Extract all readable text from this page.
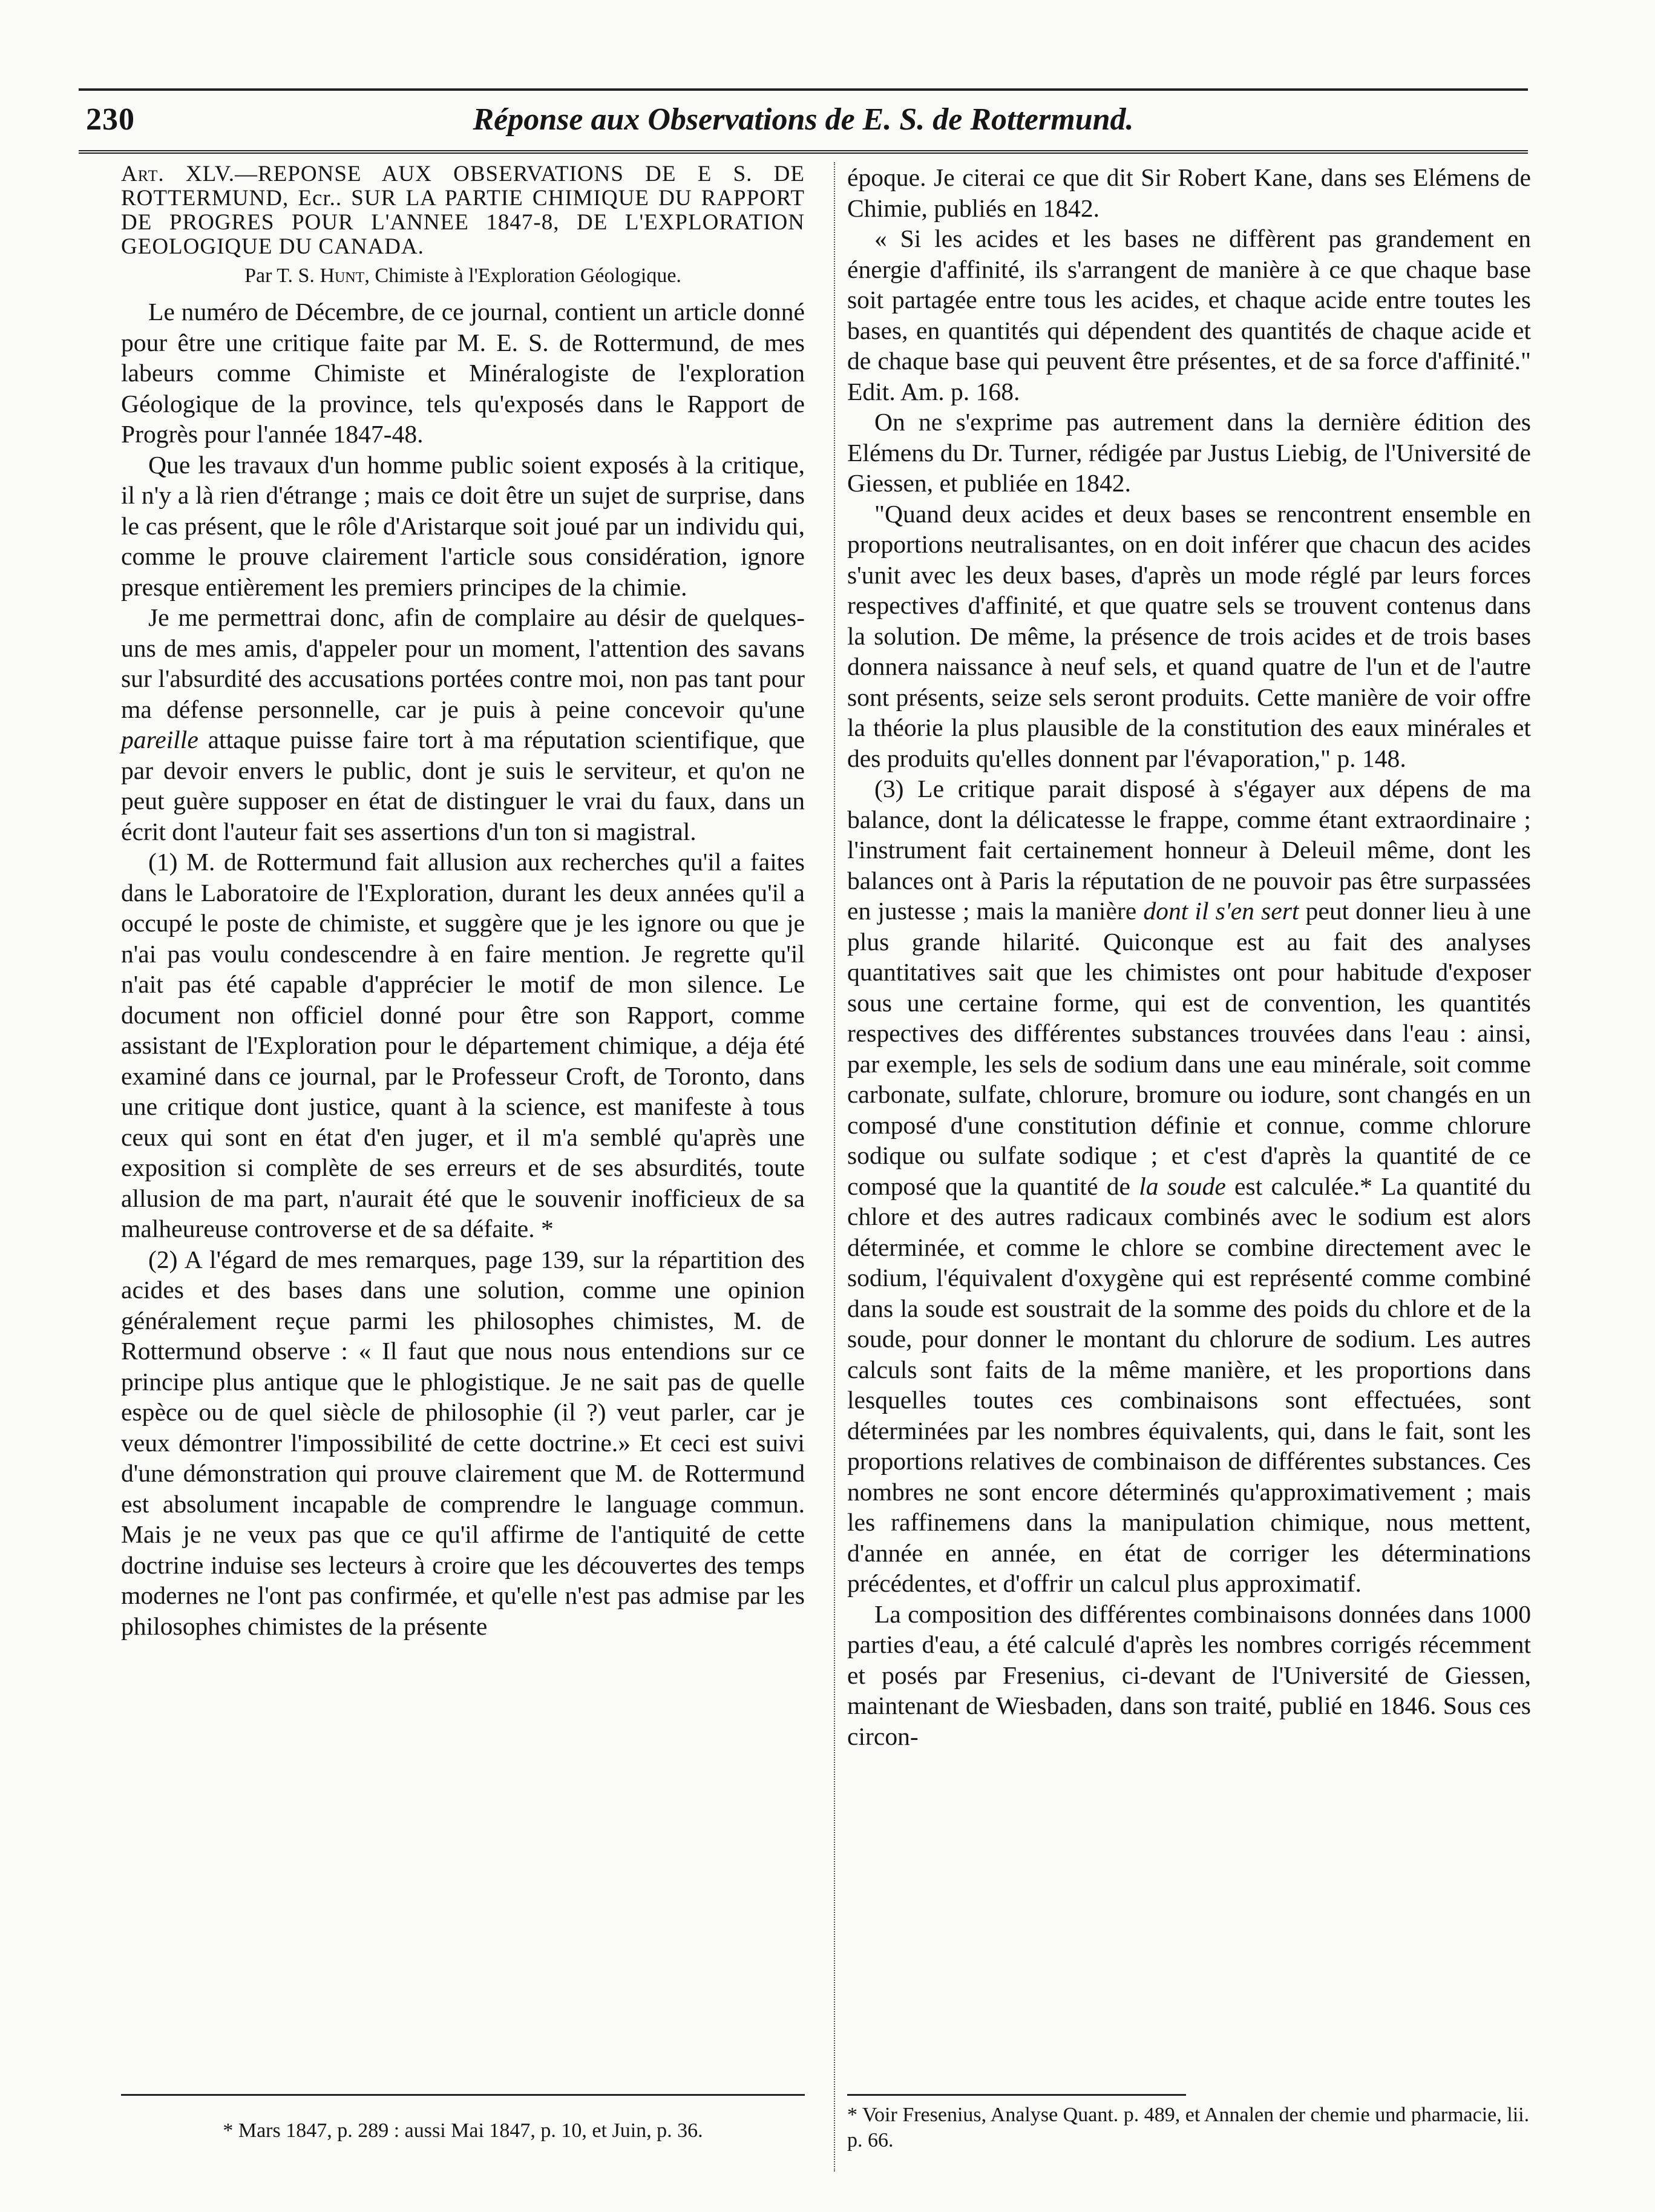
230	Réponse aux Observations de E. S. de Rottermund.

Art. XLV.—REPONSE AUX OBSERVATIONS DE E S. DE ROTTERMUND, Ecr.. SUR LA PARTIE CHIMIQUE DU RAPPORT DE PROGRES POUR L'ANNEE 1847-8, DE L'EXPLORATION GEOLOGIQUE DU CANADA.

Par T. S. Hunt, Chimiste à l'Exploration Géologique.

Le numéro de Décembre, de ce journal, contient un article donné pour être une critique faite par M. E. S. de Rottermund, de mes labeurs comme Chimiste et Minéralogiste de l'exploration Géologique de la province, tels qu'exposés dans le Rapport de Progrès pour l'année 1847-48.

Que les travaux d'un homme public soient exposés à la critique, il n'y a là rien d'étrange ; mais ce doit être un sujet de surprise, dans le cas présent, que le rôle d'Aristarque soit joué par un individu qui, comme le prouve clairement l'article sous considération, ignore presque entièrement les premiers principes de la chimie.

Je me permettrai donc, afin de complaire au désir de quelques-uns de mes amis, d'appeler pour un moment, l'attention des savans sur l'absurdité des accusations portées contre moi, non pas tant pour ma défense personnelle, car je puis à peine concevoir qu'une pareille attaque puisse faire tort à ma réputation scientifique, que par devoir envers le public, dont je suis le serviteur, et qu'on ne peut guère supposer en état de distinguer le vrai du faux, dans un écrit dont l'auteur fait ses assertions d'un ton si magistral.

(1) M. de Rottermund fait allusion aux recherches qu'il a faites dans le Laboratoire de l'Exploration, durant les deux années qu'il a occupé le poste de chimiste, et suggère que je les ignore ou que je n'ai pas voulu condescendre à en faire mention. Je regrette qu'il n'ait pas été capable d'apprécier le motif de mon silence. Le document non officiel donné pour être son Rapport, comme assistant de l'Exploration pour le département chimique, a déja été examiné dans ce journal, par le Professeur Croft, de Toronto, dans une critique dont justice, quant à la science, est manifeste à tous ceux qui sont en état d'en juger, et il m'a semblé qu'après une exposition si complète de ses erreurs et de ses absurdités, toute allusion de ma part, n'aurait été que le souvenir inofficieux de sa malheureuse controverse et de sa défaite. *

(2) A l'égard de mes remarques, page 139, sur la répartition des acides et des bases dans une solution, comme une opinion généralement reçue parmi les philosophes chimistes, M. de Rottermund observe : « Il faut que nous nous entendions sur ce principe plus antique que le phlogistique. Je ne sait pas de quelle espèce ou de quel siècle de philosophie (il ?) veut parler, car je veux démontrer l'impossibilité de cette doctrine.» Et ceci est suivi d'une démonstration qui prouve clairement que M. de Rottermund est absolument incapable de comprendre le language commun. Mais je ne veux pas que ce qu'il affirme de l'antiquité de cette doctrine induise ses lecteurs à croire que les découvertes des temps modernes ne l'ont pas confirmée, et qu'elle n'est pas admise par les philosophes chimistes de la présente

époque. Je citerai ce que dit Sir Robert Kane, dans ses Elémens de Chimie, publiés en 1842.

« Si les acides et les bases ne diffèrent pas grandement en énergie d'affinité, ils s'arrangent de manière à ce que chaque base soit partagée entre tous les acides, et chaque acide entre toutes les bases, en quantités qui dépendent des quantités de chaque acide et de chaque base qui peuvent être présentes, et de sa force d'affinité." Edit. Am. p. 168.

On ne s'exprime pas autrement dans la dernière édition des Elémens du Dr. Turner, rédigée par Justus Liebig, de l'Université de Giessen, et publiée en 1842.

"Quand deux acides et deux bases se rencontrent ensemble en proportions neutralisantes, on en doit inférer que chacun des acides s'unit avec les deux bases, d'après un mode réglé par leurs forces respectives d'affinité, et que quatre sels se trouvent contenus dans la solution. De même, la présence de trois acides et de trois bases donnera naissance à neuf sels, et quand quatre de l'un et de l'autre sont présents, seize sels seront produits. Cette manière de voir offre la théorie la plus plausible de la constitution des eaux minérales et des produits qu'elles donnent par l'évaporation," p. 148.

(3) Le critique parait disposé à s'égayer aux dépens de ma balance, dont la délicatesse le frappe, comme étant extraordinaire ; l'instrument fait certainement honneur à Deleuil même, dont les balances ont à Paris la réputation de ne pouvoir pas être surpassées en justesse ; mais la manière dont il s'en sert peut donner lieu à une plus grande hilarité. Quiconque est au fait des analyses quantitatives sait que les chimistes ont pour habitude d'exposer sous une certaine forme, qui est de convention, les quantités respectives des différentes substances trouvées dans l'eau : ainsi, par exemple, les sels de sodium dans une eau minérale, soit comme carbonate, sulfate, chlorure, bromure ou iodure, sont changés en un composé d'une constitution définie et connue, comme chlorure sodique ou sulfate sodique ; et c'est d'après la quantité de ce composé que la quantité de la soude est calculée.* La quantité du chlore et des autres radicaux combinés avec le sodium est alors déterminée, et comme le chlore se combine directement avec le sodium, l'équivalent d'oxygène qui est représenté comme combiné dans la soude est soustrait de la somme des poids du chlore et de la soude, pour donner le montant du chlorure de sodium. Les autres calculs sont faits de la même manière, et les proportions dans lesquelles toutes ces combinaisons sont effectuées, sont déterminées par les nombres équivalents, qui, dans le fait, sont les proportions relatives de combinaison de différentes substances. Ces nombres ne sont encore déterminés qu'approximativement ; mais les raffinemens dans la manipulation chimique, nous mettent, d'année en année, en état de corriger les déterminations précédentes, et d'offrir un calcul plus approximatif.

La composition des différentes combinaisons données dans 1000 parties d'eau, a été calculé d'après les nombres corrigés récemment et posés par Fresenius, ci-devant de l'Université de Giessen, maintenant de Wiesbaden, dans son traité, publié en 1846. Sous ces circon-

* Mars 1847, p. 289 : aussi Mai 1847, p. 10, et Juin, p. 36.
* Voir Fresenius, Analyse Quant. p. 489, et Annalen der chemie und pharmacie, lii. p. 66.
